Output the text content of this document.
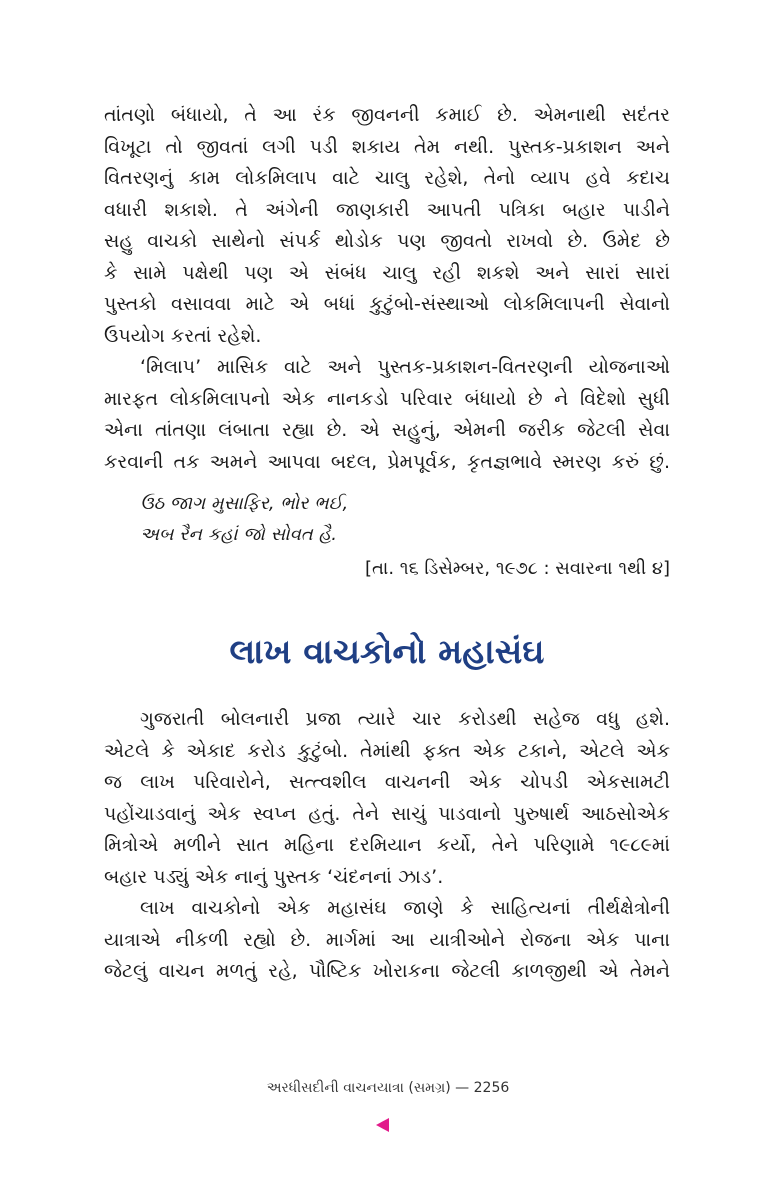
તાંતણો બંધાયો, તે આ રંક જીવનની કમાઈ છે. એમનાથી સદંતર

વિખૂટા તો જીવતાં લગી પડી શકાય તેમ નથી. પુસ્તક-પ્રકાશન અને

વિતરણનું કામ લોકમિલાપ વાટે ચાલુ રહેશે, તેનો વ્યાપ હવે કદાચ

વધારી શકાશે. તે અંગેની જાણકારી આપતી પત્રિકા બહાર પાડીને

સહુ વાચકો સાથેનો સંપર્ક થોડોક પણ જીવતો રાખવો છે. ઉમેદ છે

કે સામે પક્ષેથી પણ એ સંબંધ ચાલુ રહી શકશે અને સારાં સારાં

પુસ્તકો વસાવવા માટે એ બધાં કુટુંબો-સંસ્થાઓ લોકમિલાપની સેવાનો

ઉપયોગ કરતાં રહેશે.

‘મિલાપ’ માસિક વાટે અને પુસ્તક-પ્રકાશન-વિતરણની યોજનાઓ

મારફત લોકમિલાપનો એક નાનકડો પરિવાર બંધાયો છે ને વિદેશો સુધી

એના તાંતણા લંબાતા રહ્યા છે. એ સહુનું, એમની જરીક જેટલી સેવા

કરવાની તક અમને આપવા બદલ, પ્રેમપૂર્વક, કૃતજ્ઞભાવે સ્મરણ કરું છું.

ઉઠ જાગ મુસાફિર, ભોર ભઈ,
અબ રૈન કહાં જો સોવત હૈ.
[તા. ૧૬ ડિસેમ્બર, ૧૯૭૮ : સવારના ૧થી ૪]
લાખ વાચકોનો મહાસંઘ

ગુજરાતી બોલનારી પ્રજા ત્યારે ચાર કરોડથી સહેજ વધુ હશે.

એટલે કે એકાદ કરોડ કુટુંબો. તેમાંથી ફક્ત એક ટકાને, એટલે એક

જ લાખ પરિવારોને, સત્ત્વશીલ વાચનની એક ચોપડી એકસામટી

પહોંચાડવાનું એક સ્વપ્ન હતું. તેને સાચું પાડવાનો પુરુષાર્થ આઠસોએક

મિત્રોએ મળીને સાત મહિના દરમિયાન કર્યો, તેને પરિણામે ૧૯૮૯માં

બહાર પડ્યું એક નાનું પુસ્તક ‘ચંદનનાં ઝાડ’.

લાખ વાચકોનો એક મહાસંઘ જાણે કે સાહિત્યનાં તીર્થક્ષેત્રોની

યાત્રાએ નીકળી રહ્યો છે. માર્ગમાં આ યાત્રીઓને રોજના એક પાના

જેટલું વાચન મળતું રહે, પૌષ્ટિક ખોરાકના જેટલી કાળજીથી એ તેમને

અરધીસદીની વાચનયાત્રા (સમગ્ર) — 2256
